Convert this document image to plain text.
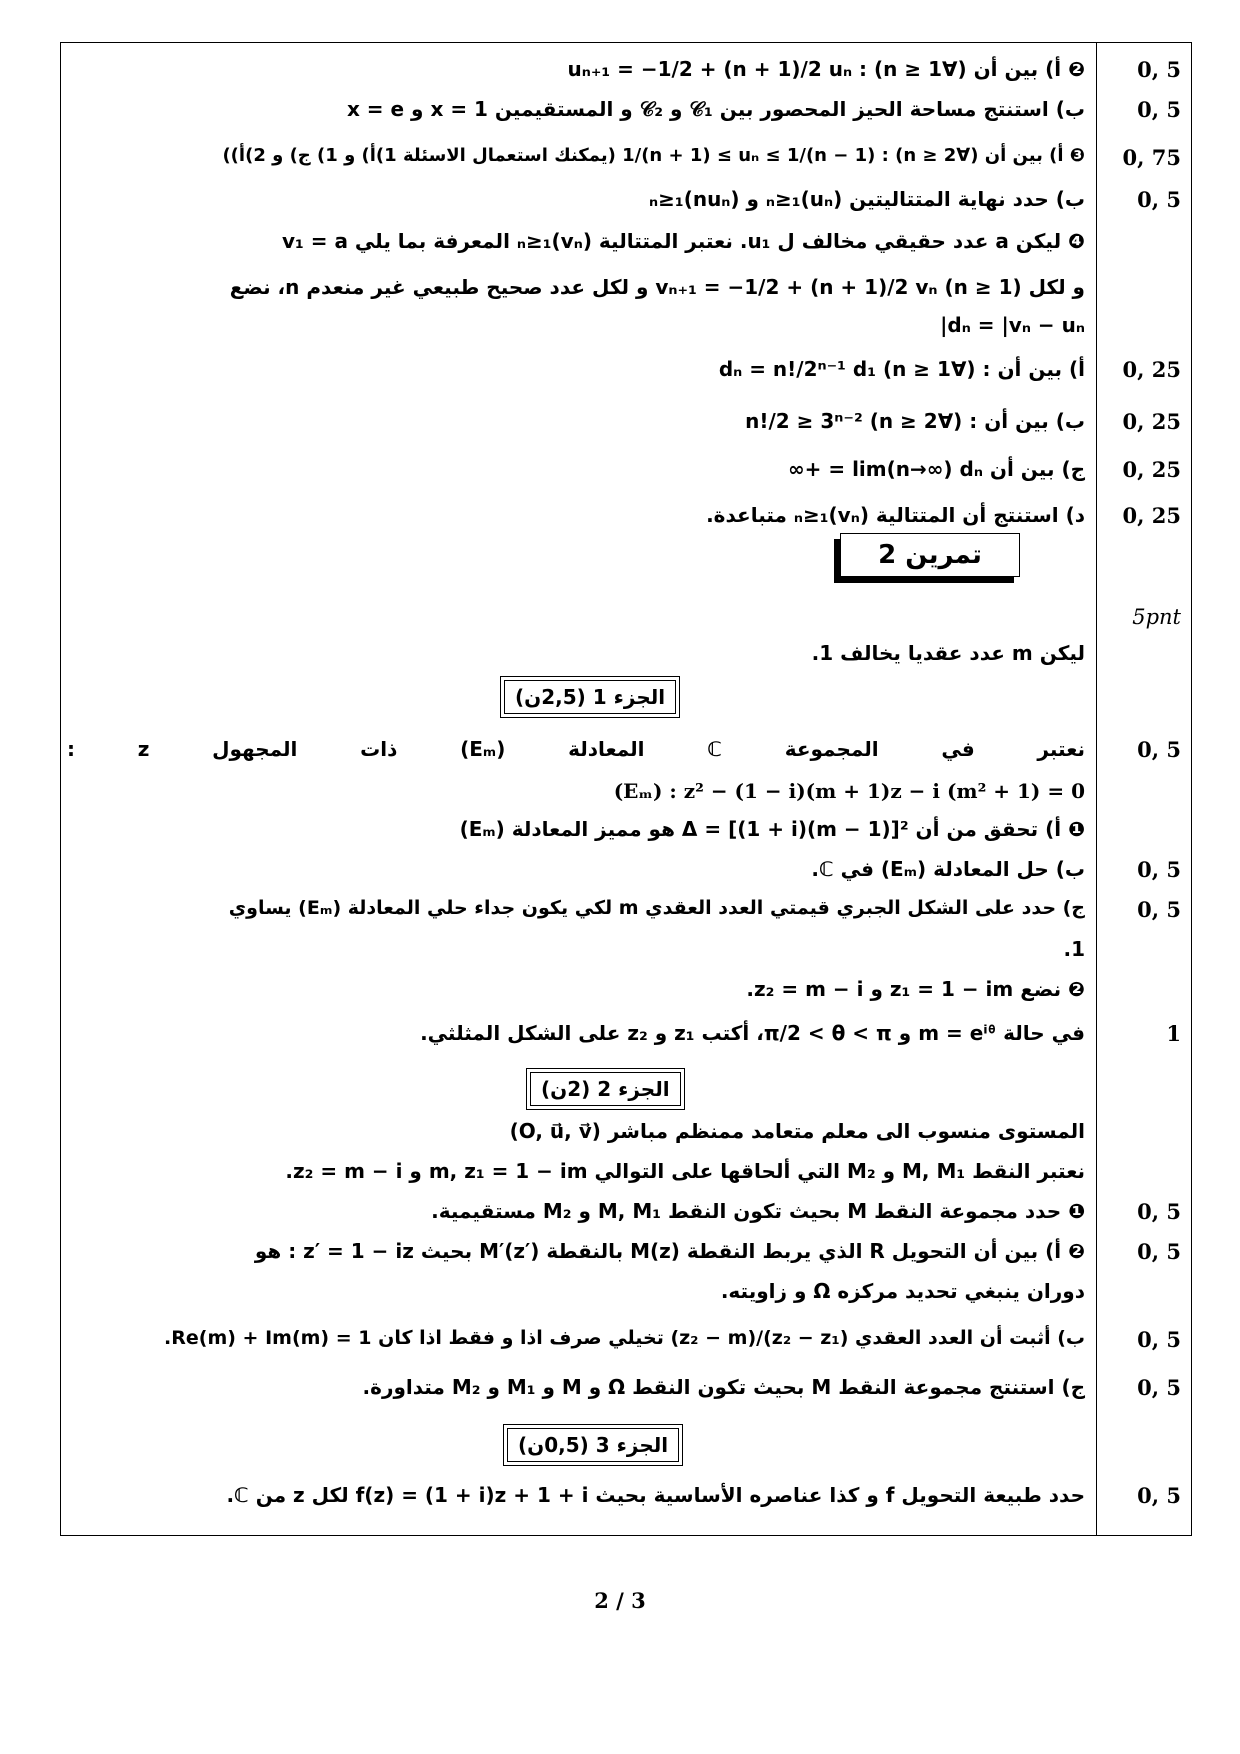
❷ أ) بين أن (∀n ≥ 1) : uₙ₊₁ = −1/2 + (n + 1)/2 uₙ	0, 5
ب) استنتج مساحة الحيز المحصور بين 𝒞₁ و 𝒞₂ و المستقيمين x = 1 و x = e	0, 5
❸ أ) بين أن (∀n ≥ 2) : 1/(n + 1) ≤ uₙ ≤ 1/(n − 1) (يمكنك استعمال الاسئلة 1)أ) و 1) ج) و 2)أ))	0, 75
ب) حدد نهاية المتتاليتين (uₙ)ₙ≥₁ و (nuₙ)ₙ≥₁	0, 5
❹ ليكن a عدد حقيقي مخالف ل u₁. نعتبر المتتالية (vₙ)ₙ≥₁ المعرفة بما يلي v₁ = a
و لكل (n ≥ 1) vₙ₊₁ = −1/2 + (n + 1)/2 vₙ و لكل عدد صحيح طبيعي غير منعدم n، نضع
dₙ = |vₙ − uₙ|
أ) بين أن : (∀n ≥ 1) dₙ = n!/2ⁿ⁻¹ d₁	0, 25
ب) بين أن : (∀n ≥ 2) n!/2 ≥ 3ⁿ⁻²	0, 25
ج) بين أن lim(n→∞) dₙ = +∞	0, 25
د) استنتج أن المتتالية (vₙ)ₙ≥₁ متباعدة.	0, 25
5pnt
ليكن m عدد عقديا يخالف 1.
نعتبر في المجموعة ℂ المعادلة (Eₘ) ذات المجهول z :	0, 5
(Eₘ) : z² − (1 − i)(m + 1)z − i (m² + 1) = 0
❶ أ) تحقق من أن Δ = [(1 + i)(m − 1)]² هو مميز المعادلة (Eₘ)
ب) حل المعادلة (Eₘ) في ℂ.	0, 5
ج) حدد على الشكل الجبري قيمتي العدد العقدي m لكي يكون جداء حلي المعادلة (Eₘ) يساوي	0, 5
1.
❷ نضع z₁ = 1 − im و z₂ = m − i.
في حالة m = eⁱᶿ و π/2 < θ < π، أكتب z₁ و z₂ على الشكل المثلثي.	1
المستوى منسوب الى معلم متعامد ممنظم مباشر (O, u⃗, v⃗)
نعتبر النقط M, M₁ و M₂ التي ألحاقها على التوالي m, z₁ = 1 − im و z₂ = m − i.
❶ حدد مجموعة النقط M بحيث تكون النقط M, M₁ و M₂ مستقيمية.	0, 5
❷ أ) بين أن التحويل R الذي يربط النقطة M(z) بالنقطة M′(z′) بحيث z′ = 1 − iz : هو	0, 5
دوران ينبغي تحديد مركزه Ω و زاويته.
ب) أثبت أن العدد العقدي (z₂ − z₁)/(z₂ − m) تخيلي صرف اذا و فقط اذا كان Re(m) + Im(m) = 1.	0, 5
ج) استنتج مجموعة النقط M بحيث تكون النقط Ω و M و M₁ و M₂ متداورة.	0, 5
حدد طبيعة التحويل f و كذا عناصره الأساسية بحيث f(z) = (1 + i)z + 1 + i لكل z من ℂ.	0, 5
تمرين 2
الجزء 1 (2,5ن)
الجزء 2 (2ن)
الجزء 3 (0,5ن)
2 / 3
